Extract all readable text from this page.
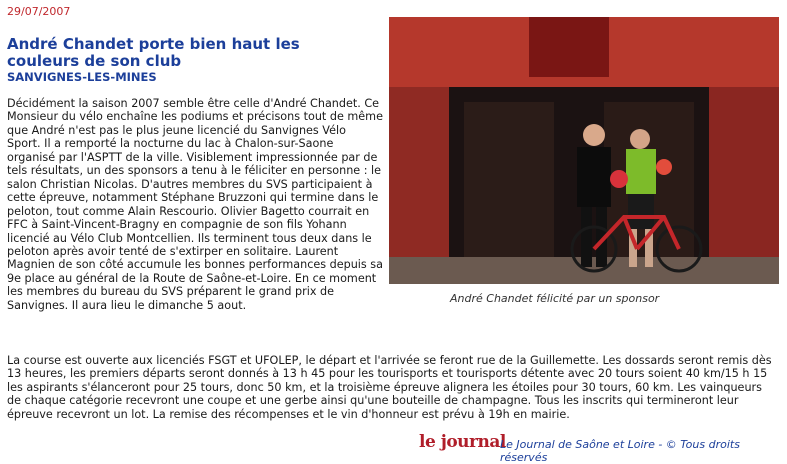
29/07/2007
André Chandet porte bien haut les couleurs de son club
SANVIGNES-LES-MINES

Décidément la saison 2007 semble être celle d'André Chandet. Ce Monsieur du vélo enchaîne les podiums et précisons tout de même que André n'est pas le plus jeune licencié du Sanvignes Vélo Sport. Il a remporté la nocturne du lac à Chalon-sur-Saone organisé par l'ASPTT de la ville. Visiblement impressionnée par de tels résultats, un des sponsors a tenu à le féliciter en personne : le salon Christian Nicolas. D'autres membres du SVS participaient à cette épreuve, notamment Stéphane Bruzzoni qui termine dans le peloton, tout comme Alain Rescourio. Olivier Bagetto courrait en FFC à Saint-Vincent-Bragny en compagnie de son fils Yohann licencié au Vélo Club Montcellien. Ils terminent tous deux dans le peloton après avoir tenté de s'extirper en solitaire. Laurent Magnien de son côté accumule les bonnes performances depuis sa 9e place au général de la Route de Saône-et-Loire. En ce moment les membres du bureau du SVS préparent le grand prix de Sanvignes. Il aura lieu le dimanche 5 aout.

La course est ouverte aux licenciés FSGT et UFOLEP, le départ et l'arrivée se feront rue de la Guillemette. Les dossards seront remis dès 13 heures, les premiers départs seront donnés à 13 h 45 pour les tourisports et tourisports détente avec 20 tours soient 40 km/15 h 15 les aspirants s'élanceront pour 25 tours, donc 50 km, et la troisième épreuve alignera les étoiles pour 30 tours, 60 km. Les vainqueurs de chaque catégorie recevront une coupe et une gerbe ainsi qu'une bouteille de champagne. Tous les inscrits qui termineront leur épreuve recevront un lot. La remise des récompenses et le vin d'honneur est prévu à 19h en mairie.

André Chandet félicité par un sponsor
le journal
Le Journal de Saône et Loire - © Tous droits réservés
